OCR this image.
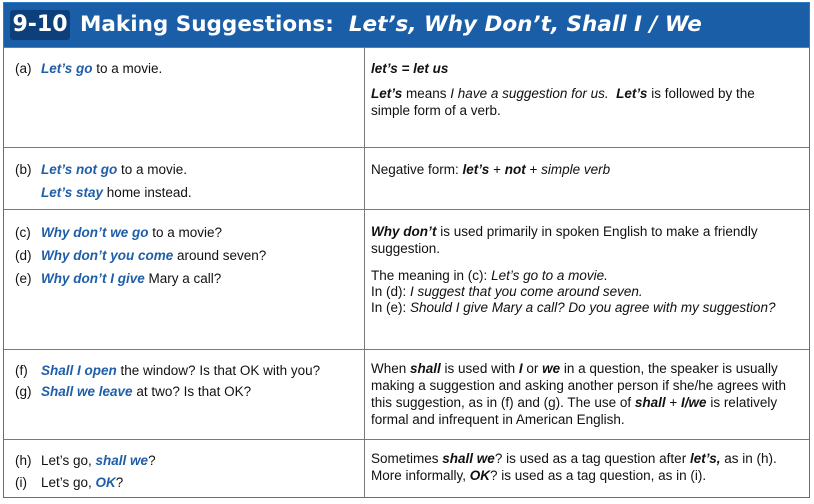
9-10 Making Suggestions: Let’s, Why Don’t, Shall I / We
(a) Let’s go to a movie.	let’s = let us
Let’s means I have a suggestion for us. Let’s is followed by the simple form of a verb.
(b) Let’s not go to a movie.
Let’s stay home instead.
Negative form: let’s + not + simple verb
(c) Why don’t we go to a movie?
(d) Why don’t you come around seven?
(e) Why don’t I give Mary a call?
Why don’t is used primarily in spoken English to make a friendly suggestion.
The meaning in (c): Let’s go to a movie.
In (d): I suggest that you come around seven.
In (e): Should I give Mary a call? Do you agree with my suggestion?
(f) Shall I open the window? Is that OK with you?
(g) Shall we leave at two? Is that OK?
When shall is used with I or we in a question, the speaker is usually making a suggestion and asking another person if she/he agrees with this suggestion, as in (f) and (g). The use of shall + I/we is relatively formal and infrequent in American English.
(h) Let’s go, shall we?
(i) Let’s go, OK?
Sometimes shall we? is used as a tag question after let’s, as in (h). More informally, OK? is used as a tag question, as in (i).
